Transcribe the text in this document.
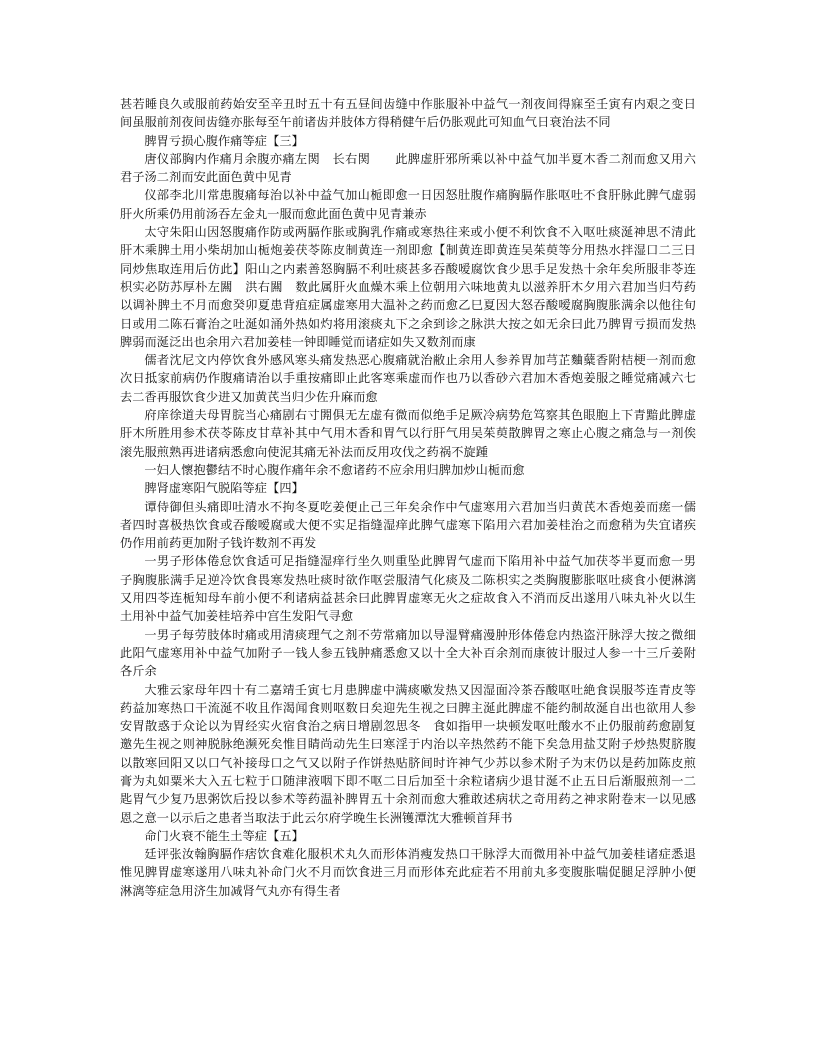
甚若睡良久或服前药始安至辛丑时五十有五昼间齿缝中作胀服补中益气一剂夜间得寐至壬寅有内艰之变日间虽服前剂夜间齿缝亦胀每至午前诸齿并肢体方得稍健午后仍胀观此可知血气日衰治法不同

脾胃亏损心腹作痛等症【三】

唐仪部胸内作痛月余腹亦痛左関　长右関　　此脾虚肝邪所乘以补中益气加半夏木香二剂而愈又用六君子汤二剂而安此面色黄中见青

仪部李北川常患腹痛每治以补中益气加山栀即愈一日因怒肚腹作痛胸膈作胀呕吐不食肝脉此脾气虚弱肝火所乘仍用前汤吞左金丸一服而愈此面色黄中见青兼赤

太守朱阳山因怒腹痛作防或两膈作胀或胸乳作痛或寒热往来或小便不利饮食不入呕吐痰涎神思不清此肝木乘脾土用小柴胡加山栀炮姜茯苓陈皮制黄连一剂即愈【制黄连即黄连吴茱萸等分用热水拌湿口二三日同炒焦取连用后仿此】阳山之内素善怒胸膈不利吐痰甚多吞酸嗳腐饮食少思手足发热十余年矣所服非苓连枳实必防苏厚朴左闗　洪右闗　数此属肝火血燥木乘上位朝用六味地黄丸以滋养肝木夕用六君加当归芍药以调补脾土不月而愈癸卯夏患背疽症属虚寒用大温补之药而愈乙巳夏因大怒吞酸嗳腐胸腹胀满余以他往旬日或用二陈石膏治之吐涎如涌外热如灼将用滚痰丸下之余到诊之脉洪大按之如无余曰此乃脾胃亏损而发热脾弱而涎泛出也余用六君加姜桂一钟即睡觉而诸症如失又数剂而康

儒者沈尼文内停饮食外感风寒头痛发热恶心腹痛就治敝止余用人参养胃加芎芷麯糵香附桔梗一剂而愈次日抵家前病仍作腹痛请治以手重按痛即止此客寒乘虚而作也乃以香砂六君加木香炮姜服之睡觉痛减六七去二香再服饮食少进又加黄芪当归少佐升麻而愈

府庠徐道夫母胃脘当心痛剧右寸閞俱无左虚有微而似绝手足厥冷病势危笃察其色眼胞上下青黯此脾虚肝木所胜用参术茯苓陈皮甘草补其中气用木香和胃气以行肝气用吴茱萸散脾胃之寒止心腹之痛急与一剂俟滚先服煎熟再进诸病悉愈向使泥其痛无补法而反用攻伐之药祸不旋踵

一妇人懷抱鬱结不时心腹作痛年余不愈诸药不应余用归脾加炒山栀而愈

脾肾虚寒阳气脱陷等症【四】

谭侍御但头痛即吐清水不拘冬夏吃姜便止己三年矣余作中气虚寒用六君加当归黄芪木香炮姜而瘥一儒者四时喜极热饮食或吞酸嗳腐或大便不实足指缝湿痒此脾气虚寒下陷用六君加姜桂治之而愈稍为失宜诸疾仍作用前药更加附子钱许数剂不再发

一男子形体倦怠饮食适可足指缝湿痒行坐久则重坠此脾胃气虚而下陷用补中益气加茯苓半夏而愈一男子胸腹胀满手足逆冷饮食畏寒发热吐痰时欲作呕尝服清气化痰及二陈枳实之类胸腹膨胀呕吐痰食小便淋漓又用四苓连栀知母车前小便不利诸病益甚余曰此脾胃虚寒无火之症故食入不消而反出遂用八味丸补火以生土用补中益气加姜桂培养中宫生发阳气寻愈

一男子每劳肢体时痛或用清痰理气之剂不劳常痛加以导湿臂痛漫肿形体倦怠内热盗汗脉浮大按之微细此阳气虚寒用补中益气加附子一钱人参五钱肿痛悉愈又以十全大补百余剂而康彼计服过人参一十三斤姜附各斤余

大雅云家母年四十有二嘉靖壬寅七月患脾虚中满痰嗽发热又因湿面冷茶吞酸呕吐絶食误服芩连青皮等药益加寒热口干流涎不收且作渴闻食则呕数日矣迎先生视之曰脾主涎此脾虚不能约制故涎自出也欲用人参安胃散惑于众论以为胃经实火宿食治之病日增剧忽思冬　食如指甲一块顿发呕吐酸水不止仍服前药愈剧复邀先生视之则神脱脉绝濒死矣惟目睛尚动先生曰寒淫于内治以辛热然药不能下矣急用盐艾附子炒热熨脐腹以散寒回阳又以口气补接母口之气又以附子作饼热贴脐间时许神气少苏以参术附子为末仍以是药加陈皮煎膏为丸如粟米大入五七粒于口随津液咽下即不呕二日后加至十余粒诸病少退甘涎不止五日后渐服煎剂一二匙胃气少复乃思粥饮后投以参术等药温补脾胃五十余剂而愈大雅敢述病状之奇用药之神求附卷末一以见感恩之意一以示后之患者当取法于此云尔府学晚生长洲镬潭沈大雅顿首拜书

命门火衰不能生土等症【五】

廷评张汝翰胸膈作痞饮食难化服枳术丸久而形体消瘦发热口干脉浮大而微用补中益气加姜桂诸症悉退惟见脾胃虚寒遂用八味丸补命门火不月而饮食进三月而形体充此症若不用前丸多变腹胀喘促腿足浮肿小便淋漓等症急用济生加减肾气丸亦有得生者
